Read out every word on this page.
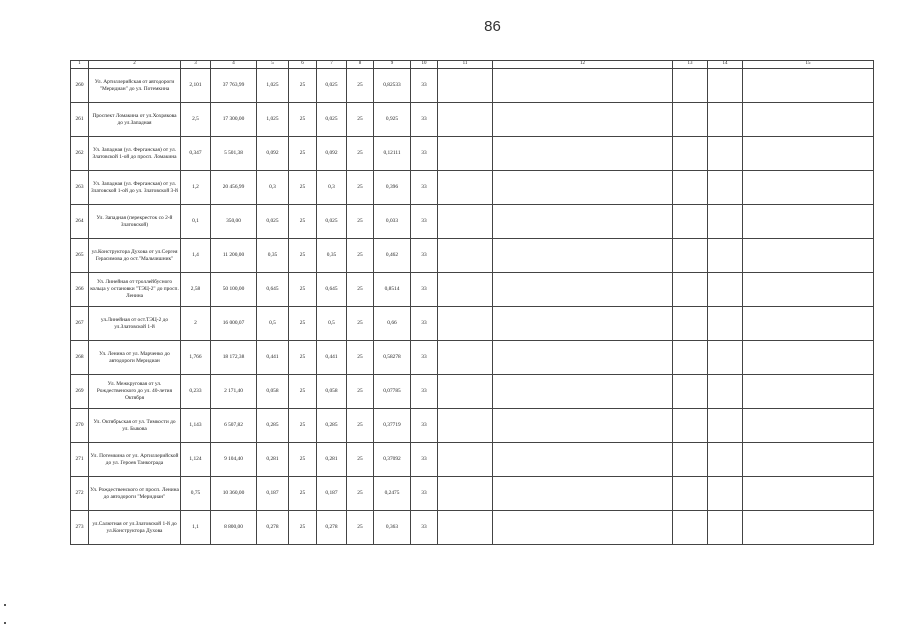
86
1	2	3	4	5	6	7	8	9	10	11	12	13	14	15
260	Ул. Артиллерийская от автодороги "Меридиан" до ул. Потемкина	2,101	37 763,99	1,025	25	0,025	25	0,82533	33					
261	Проспект Ломакина от ул.Хохрякова до ул.Западная	2,5	17 300,00	1,025	25	0,025	25	0,925	33					
262	Ул. Западная (ул. Ферганская) от ул. Златовской 1-ой до просп. Ломакина	0,347	5 501,38	0,092	25	0,092	25	0,12111	33					
263	Ул. Западная (ул. Ферганская) от ул. Златовской 1-ой до ул. Златовской 3-й	1,2	20 456,99	0,3	25	0,3	25	0,396	33					
264	Ул. Западная (перекресток со 2-й Златовской)	0,1	350,00	0,025	25	0,025	25	0,033	33					
265	ул.Конструктора Духова от ул.Сергея Герасимова до ост."Мальчишник"	1,4	11 200,00	0,35	25	0,35	25	0,462	33					
266	Ул. Линейная от троллейбусного кольца у остановки "ТЭЦ-2" до просп. Ленина	2,58	50 100,00	0,645	25	0,645	25	0,8514	33					
267	ул.Линейная от ост.ТЭЦ-2 до ул.Златовской 1-й	2	16 000,07	0,5	25	0,5	25	0,66	33					
268	Ул. Ленина от ул. Марченко до автодороги Меридиан	1,766	18 172,38	0,441	25	0,441	25	0,58278	33					
269	Ул. Межкруговая от ул. Рождественского до ул. 40-летия Октября	0,233	2 171,40	0,058	25	0,058	25	0,07785	33					
270	Ул. Октябрьская от ул. Тимкости до ул. Быкова	1,143	6 507,82	0,285	25	0,285	25	0,37719	33					
271	Ул. Потемкина от ул. Артиллерийской до ул. Героев Танкограда	1,124	9 104,40	0,281	25	0,281	25	0,37092	33					
272	Ул. Рождественского от просп. Ленина до автодороги "Меридиан"	0,75	10 360,00	0,187	25	0,187	25	0,2475	33					
273	ул.Салютная от ул.Златовской 1-й до ул.Конструктора Духова	1,1	8 800,00	0,278	25	0,278	25	0,363	33					
